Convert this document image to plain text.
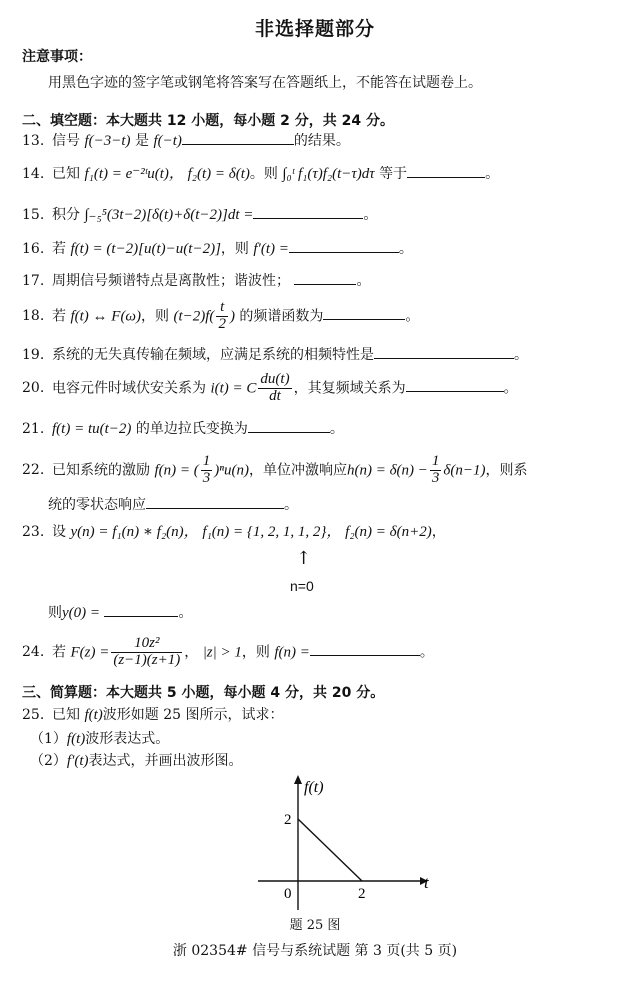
非选择题部分
注意事项：
用黑色字迹的签字笔或钢笔将答案写在答题纸上，不能答在试题卷上。
二、填空题：本大题共 12 小题，每小题 2 分，共 24 分。
13. 信号 f(−3−t) 是 f(−t)	的结果。
14. 已知 f₁(t) = e⁻²ᵗu(t)， f₂(t) = δ(t)。则 ∫₀ᵗ f₁(τ)f₂(t−τ)dτ 等于	。
15. 积分 ∫₋₅⁵(3t−2)[δ(t)+δ(t−2)]dt =	。
16. 若 f(t) = (t−2)[u(t)−u(t−2)]，则 f′(t) =	。
17. 周期信号频谱特点是离散性；谐波性；	。
18. 若 f(t) ↔ F(ω)，则 $(t-2)f( \frac{t}{2}$ ) 的频谱函数为	。
19. 系统的无失真传输在频域，应满足系统的相频特性是	。
20. 电容元件时域伏安关系为 i(t) = C $\frac{du(t)}{dt}$ ，其复频域关系为	。
21. f(t) = tu(t−2) 的单边拉氏变换为	。
22. 已知系统的激励 f(n) = ( $\frac{1}{3} )^nu(n)$，单位冲激响应$h(n) = \delta(n) - \frac{1}{3} \delta(n-1)$，则系
统的零状态响应	。
23. 设 y(n) = f₁(n) ∗ f₂(n)， f₁(n) = {1, 2, 1, 1, 2}， f₂(n) = δ(n+2)，
↑
n=0
则y(0) =	。
24. 若 $F(z) = \frac{\text{10z²}}{(z-1)(z+1)}$ ， |z| > 1，则 f(n) =	。
三、简算题：本大题共 5 小题，每小题 4 分，共 20 分。
25. 已知 f(t)波形如题 25 图所示，试求：
（1）f(t)波形表达式。
（2）f′(t)表达式，并画出波形图。
f(t)
t
0
2
2
题 25 图
浙 02354# 信号与系统试题 第 3 页(共 5 页)
